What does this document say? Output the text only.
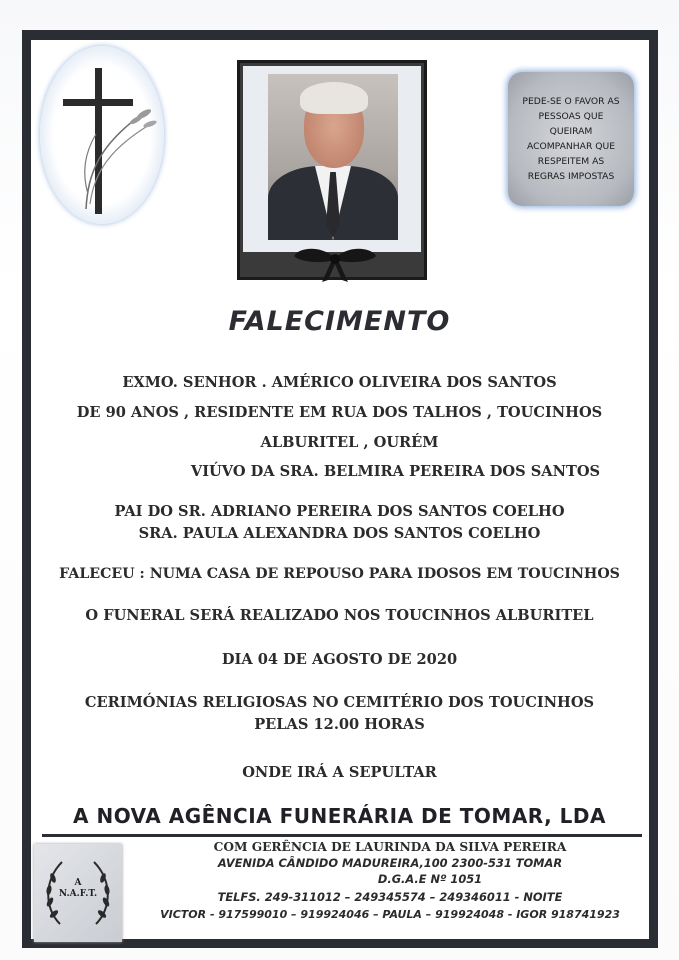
PEDE-SE O FAVOR AS
PESSOAS QUE
QUEIRAM
ACOMPANHAR QUE
RESPEITEM AS
REGRAS IMPOSTAS
FALECIMENTO
EXMO. SENHOR . AMÉRICO OLIVEIRA DOS SANTOS
DE 90 ANOS , RESIDENTE EM RUA DOS TALHOS , TOUCINHOS
ALBURITEL , OURÉM
VIÚVO DA SRA. BELMIRA PEREIRA DOS SANTOS
PAI DO SR. ADRIANO PEREIRA DOS SANTOS COELHO
SRA. PAULA ALEXANDRA DOS SANTOS COELHO
FALECEU : NUMA CASA DE REPOUSO PARA IDOSOS EM TOUCINHOS
O FUNERAL SERÁ REALIZADO NOS TOUCINHOS ALBURITEL
DIA 04 DE AGOSTO DE 2020
CERIMÓNIAS RELIGIOSAS NO CEMITÉRIO DOS TOUCINHOS
PELAS 12.00 HORAS
ONDE IRÁ A SEPULTAR
A NOVA AGÊNCIA FUNERÁRIA DE TOMAR, LDA
COM GERÊNCIA DE LAURINDA DA SILVA PEREIRA
AVENIDA CÂNDIDO MADUREIRA,100 2300-531 TOMAR
D.G.A.E Nº 1051
TELFS. 249-311012 – 249345574 – 249346011 - NOITE
VICTOR - 917599010 – 919924046 – PAULA – 919924048 - IGOR 918741923
A
N.A.F.T.
